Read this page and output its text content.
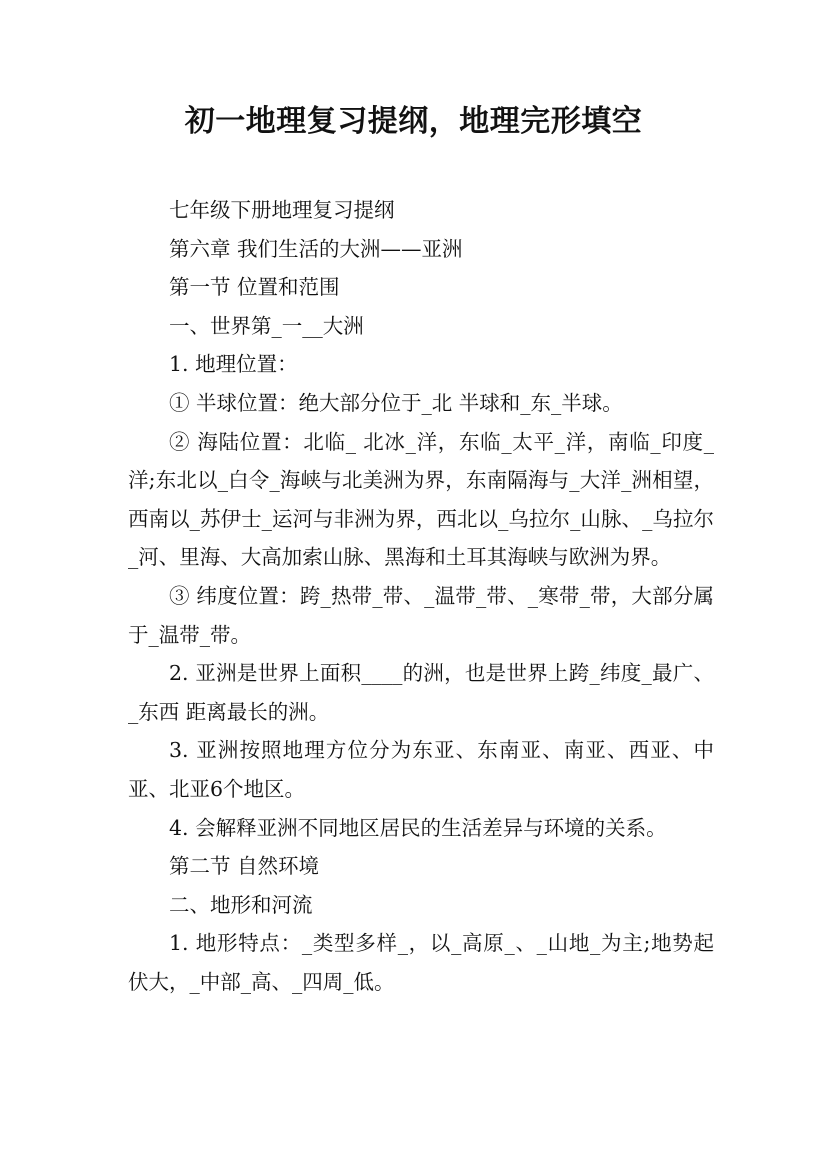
初一地理复习提纲，地理完形填空

七年级下册地理复习提纲

第六章 我们生活的大洲——亚洲

第一节 位置和范围

一、世界第_一__大洲

1. 地理位置：

① 半球位置：绝大部分位于_北 半球和_东_半球。

② 海陆位置：北临_ 北冰_洋，东临_太平_洋，南临_印度_洋;东北以_白令_海峡与北美洲为界，东南隔海与_大洋_洲相望，西南以_苏伊士_运河与非洲为界，西北以_乌拉尔_山脉、_乌拉尔_河、里海、大高加索山脉、黑海和土耳其海峡与欧洲为界。

③ 纬度位置：跨_热带_带、_温带_带、_寒带_带，大部分属于_温带_带。

2. 亚洲是世界上面积____的洲，也是世界上跨_纬度_最广、_东西 距离最长的洲。

3. 亚洲按照地理方位分为东亚、东南亚、南亚、西亚、中亚、北亚6个地区。

4. 会解释亚洲不同地区居民的生活差异与环境的关系。

第二节 自然环境

二、地形和河流

1. 地形特点：_类型多样_，以_高原_、_山地_为主;地势起伏大，_中部_高、_四周_低。
